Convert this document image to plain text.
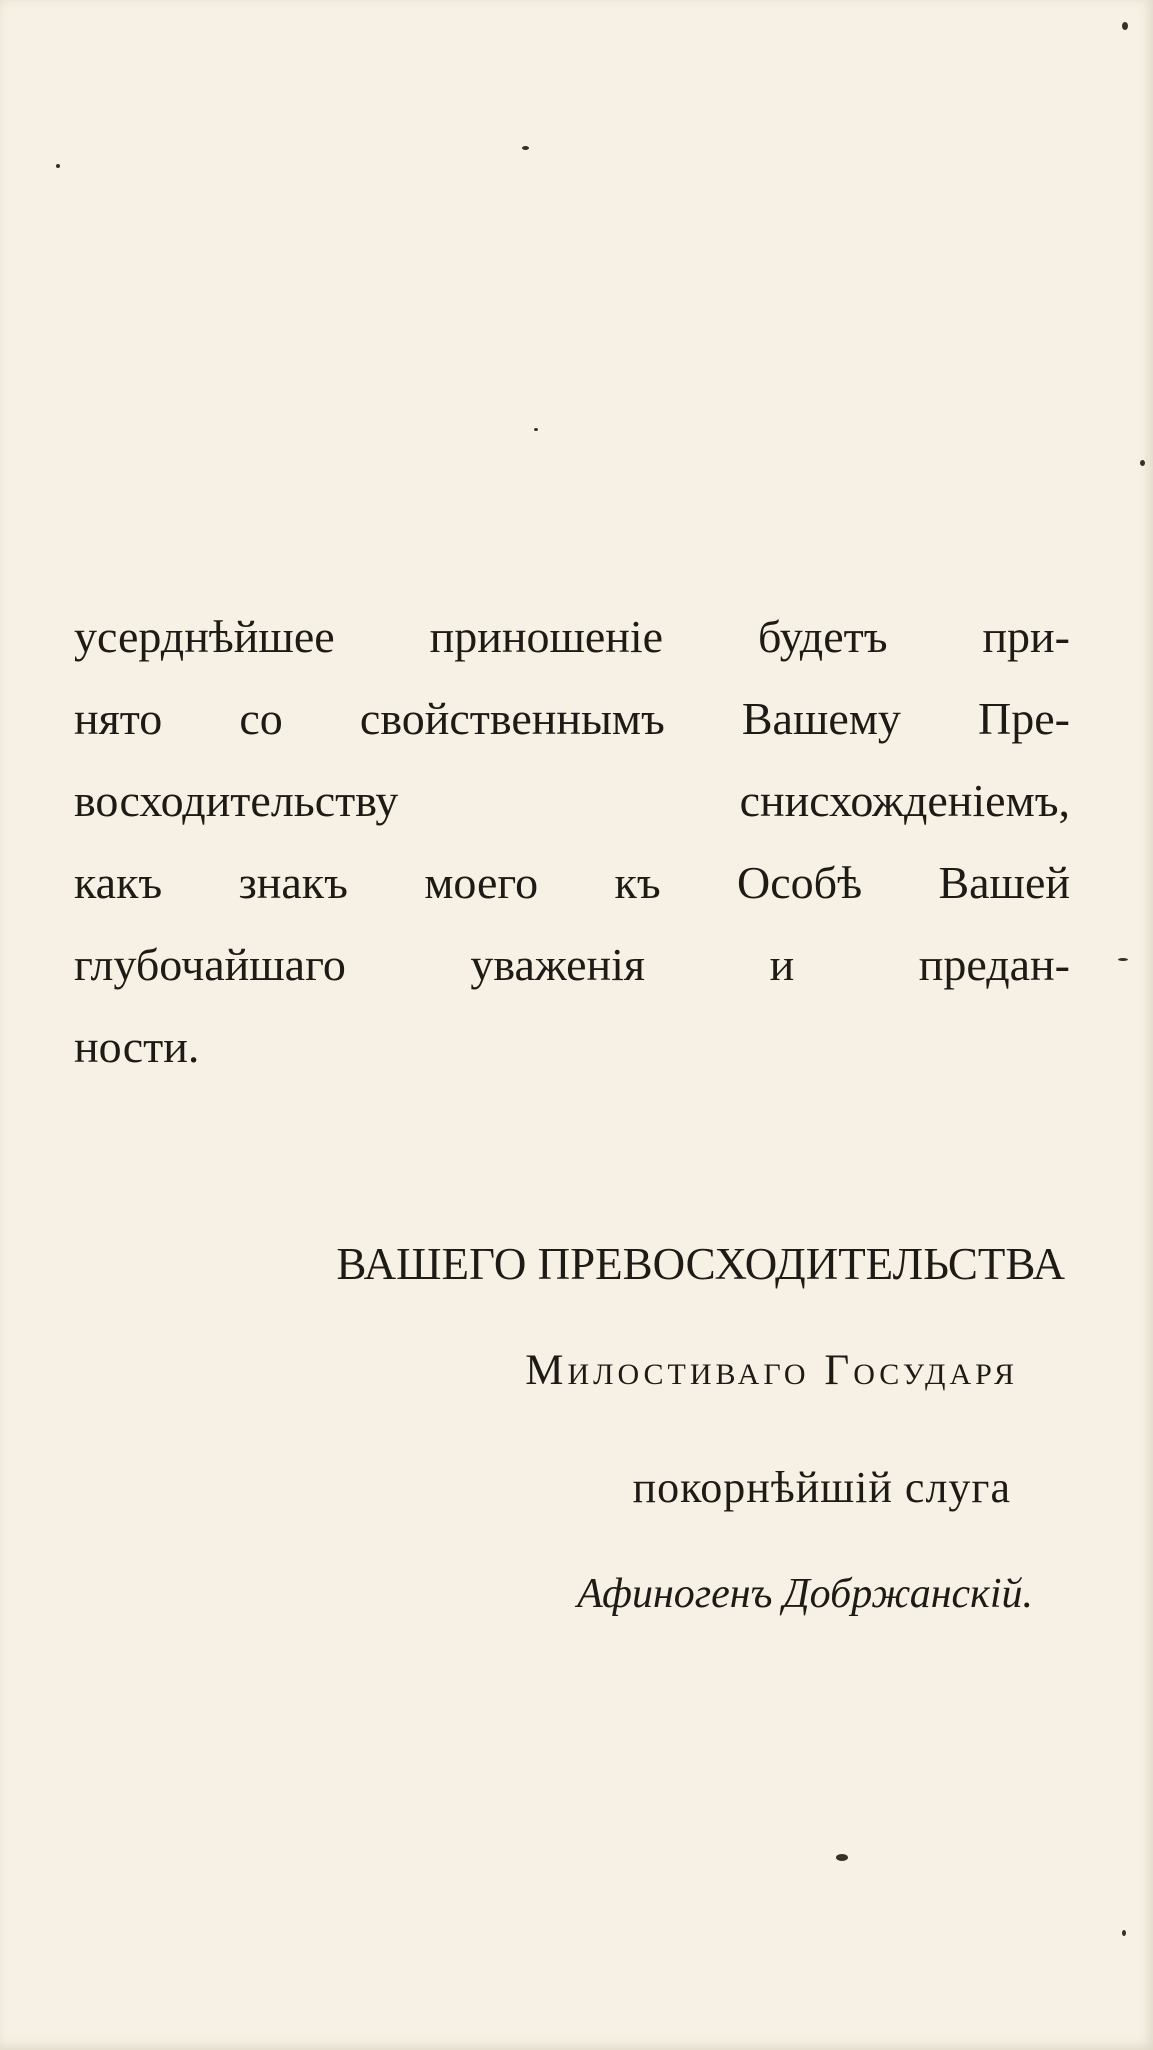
усерднѣйшее приношеніе будетъ при-
нято со свойственнымъ Вашему Пре-
восходительству снисхожденіемъ,
какъ знакъ моего къ Особѣ Вашей
глубочайшаго уваженія и предан-
ности.
ВАШЕГО ПРЕВОСХОДИТЕЛЬСТВА
Милостиваго Государя
покорнѣйшій слуга
Афиногенъ Добржанскій.
